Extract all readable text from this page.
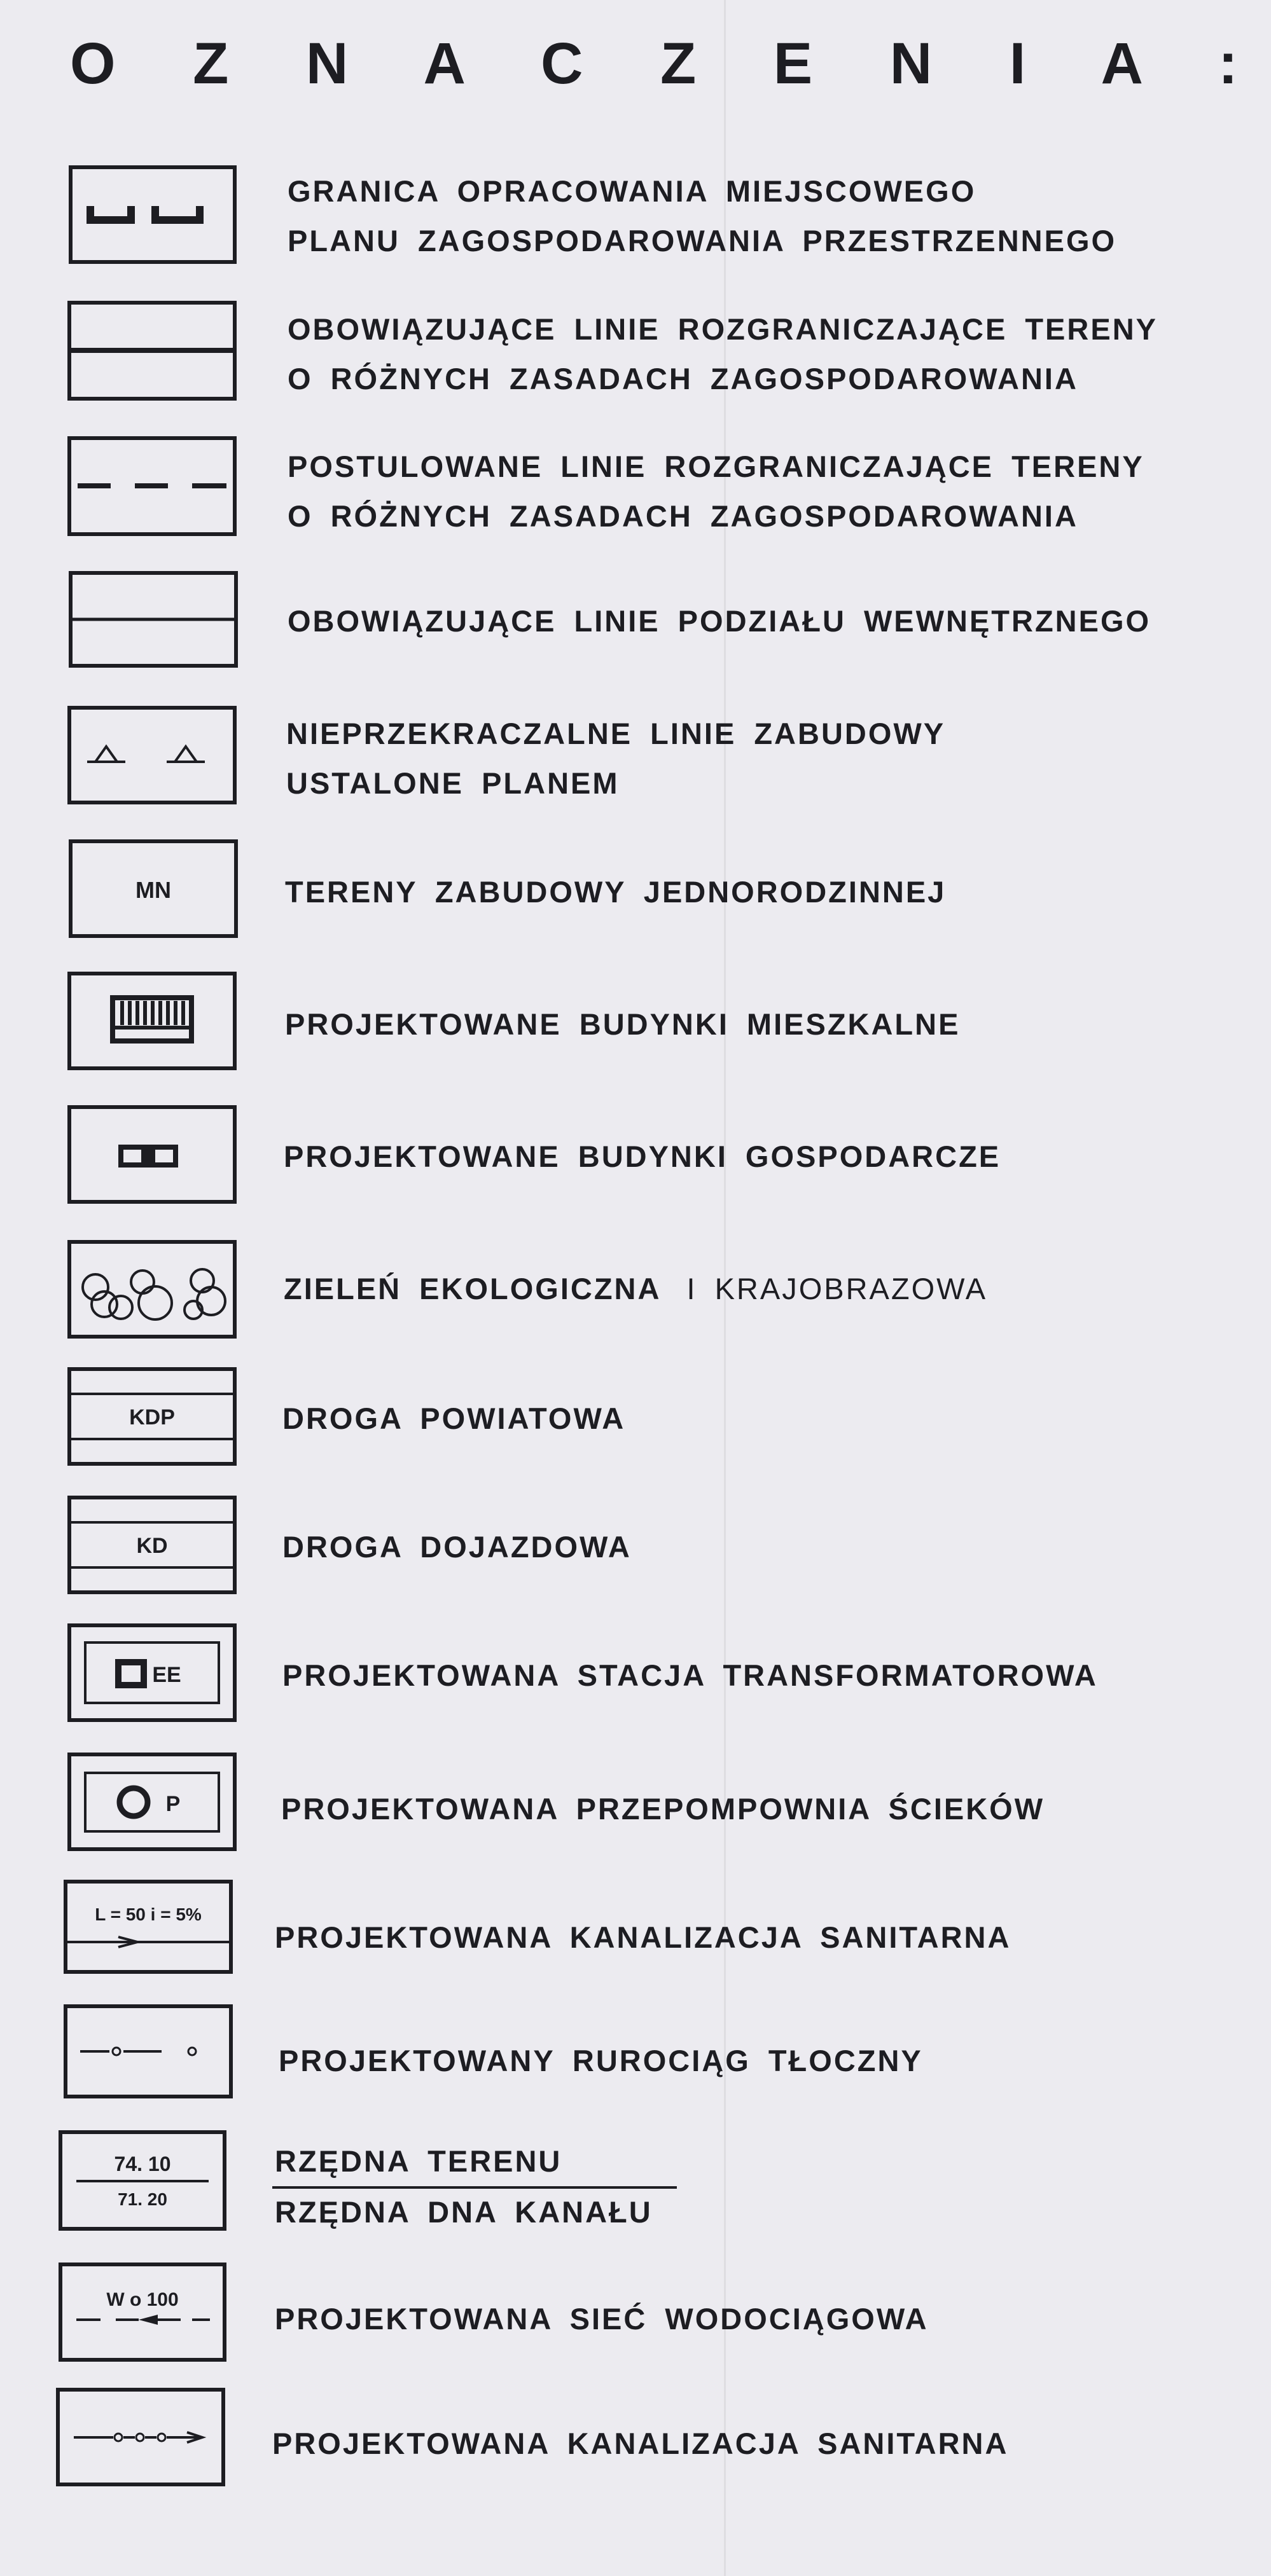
O Z N A C Z E N I A :
GRANICA OPRACOWANIA MIEJSCOWEGO
PLANU ZAGOSPODAROWANIA PRZESTRZENNEGO
OBOWIĄZUJĄCE LINIE ROZGRANICZAJĄCE TERENY
O RÓŻNYCH ZASADACH ZAGOSPODAROWANIA
POSTULOWANE LINIE ROZGRANICZAJĄCE TERENY
O RÓŻNYCH ZASADACH ZAGOSPODAROWANIA
OBOWIĄZUJĄCE LINIE PODZIAŁU WEWNĘTRZNEGO
NIEPRZEKRACZALNE LINIE ZABUDOWY
USTALONE PLANEM
MN	TERENY ZABUDOWY JEDNORODZINNEJ
PROJEKTOWANE BUDYNKI MIESZKALNE
PROJEKTOWANE BUDYNKI GOSPODARCZE
ZIELEŃ EKOLOGICZNA I KRAJOBRAZOWA
KDP	DROGA POWIATOWA
KD	DROGA DOJAZDOWA
EE	PROJEKTOWANA STACJA TRANSFORMATOROWA
P	PROJEKTOWANA PRZEPOMPOWNIA ŚCIEKÓW
L = 50 i = 5%
PROJEKTOWANA KANALIZACJA SANITARNA
PROJEKTOWANY RUROCIĄG TŁOCZNY
74. 10
71. 20
RZĘDNA TERENU
RZĘDNA DNA KANAŁU
W o 100
PROJEKTOWANA SIEĆ WODOCIĄGOWA
PROJEKTOWANA KANALIZACJA SANITARNA
